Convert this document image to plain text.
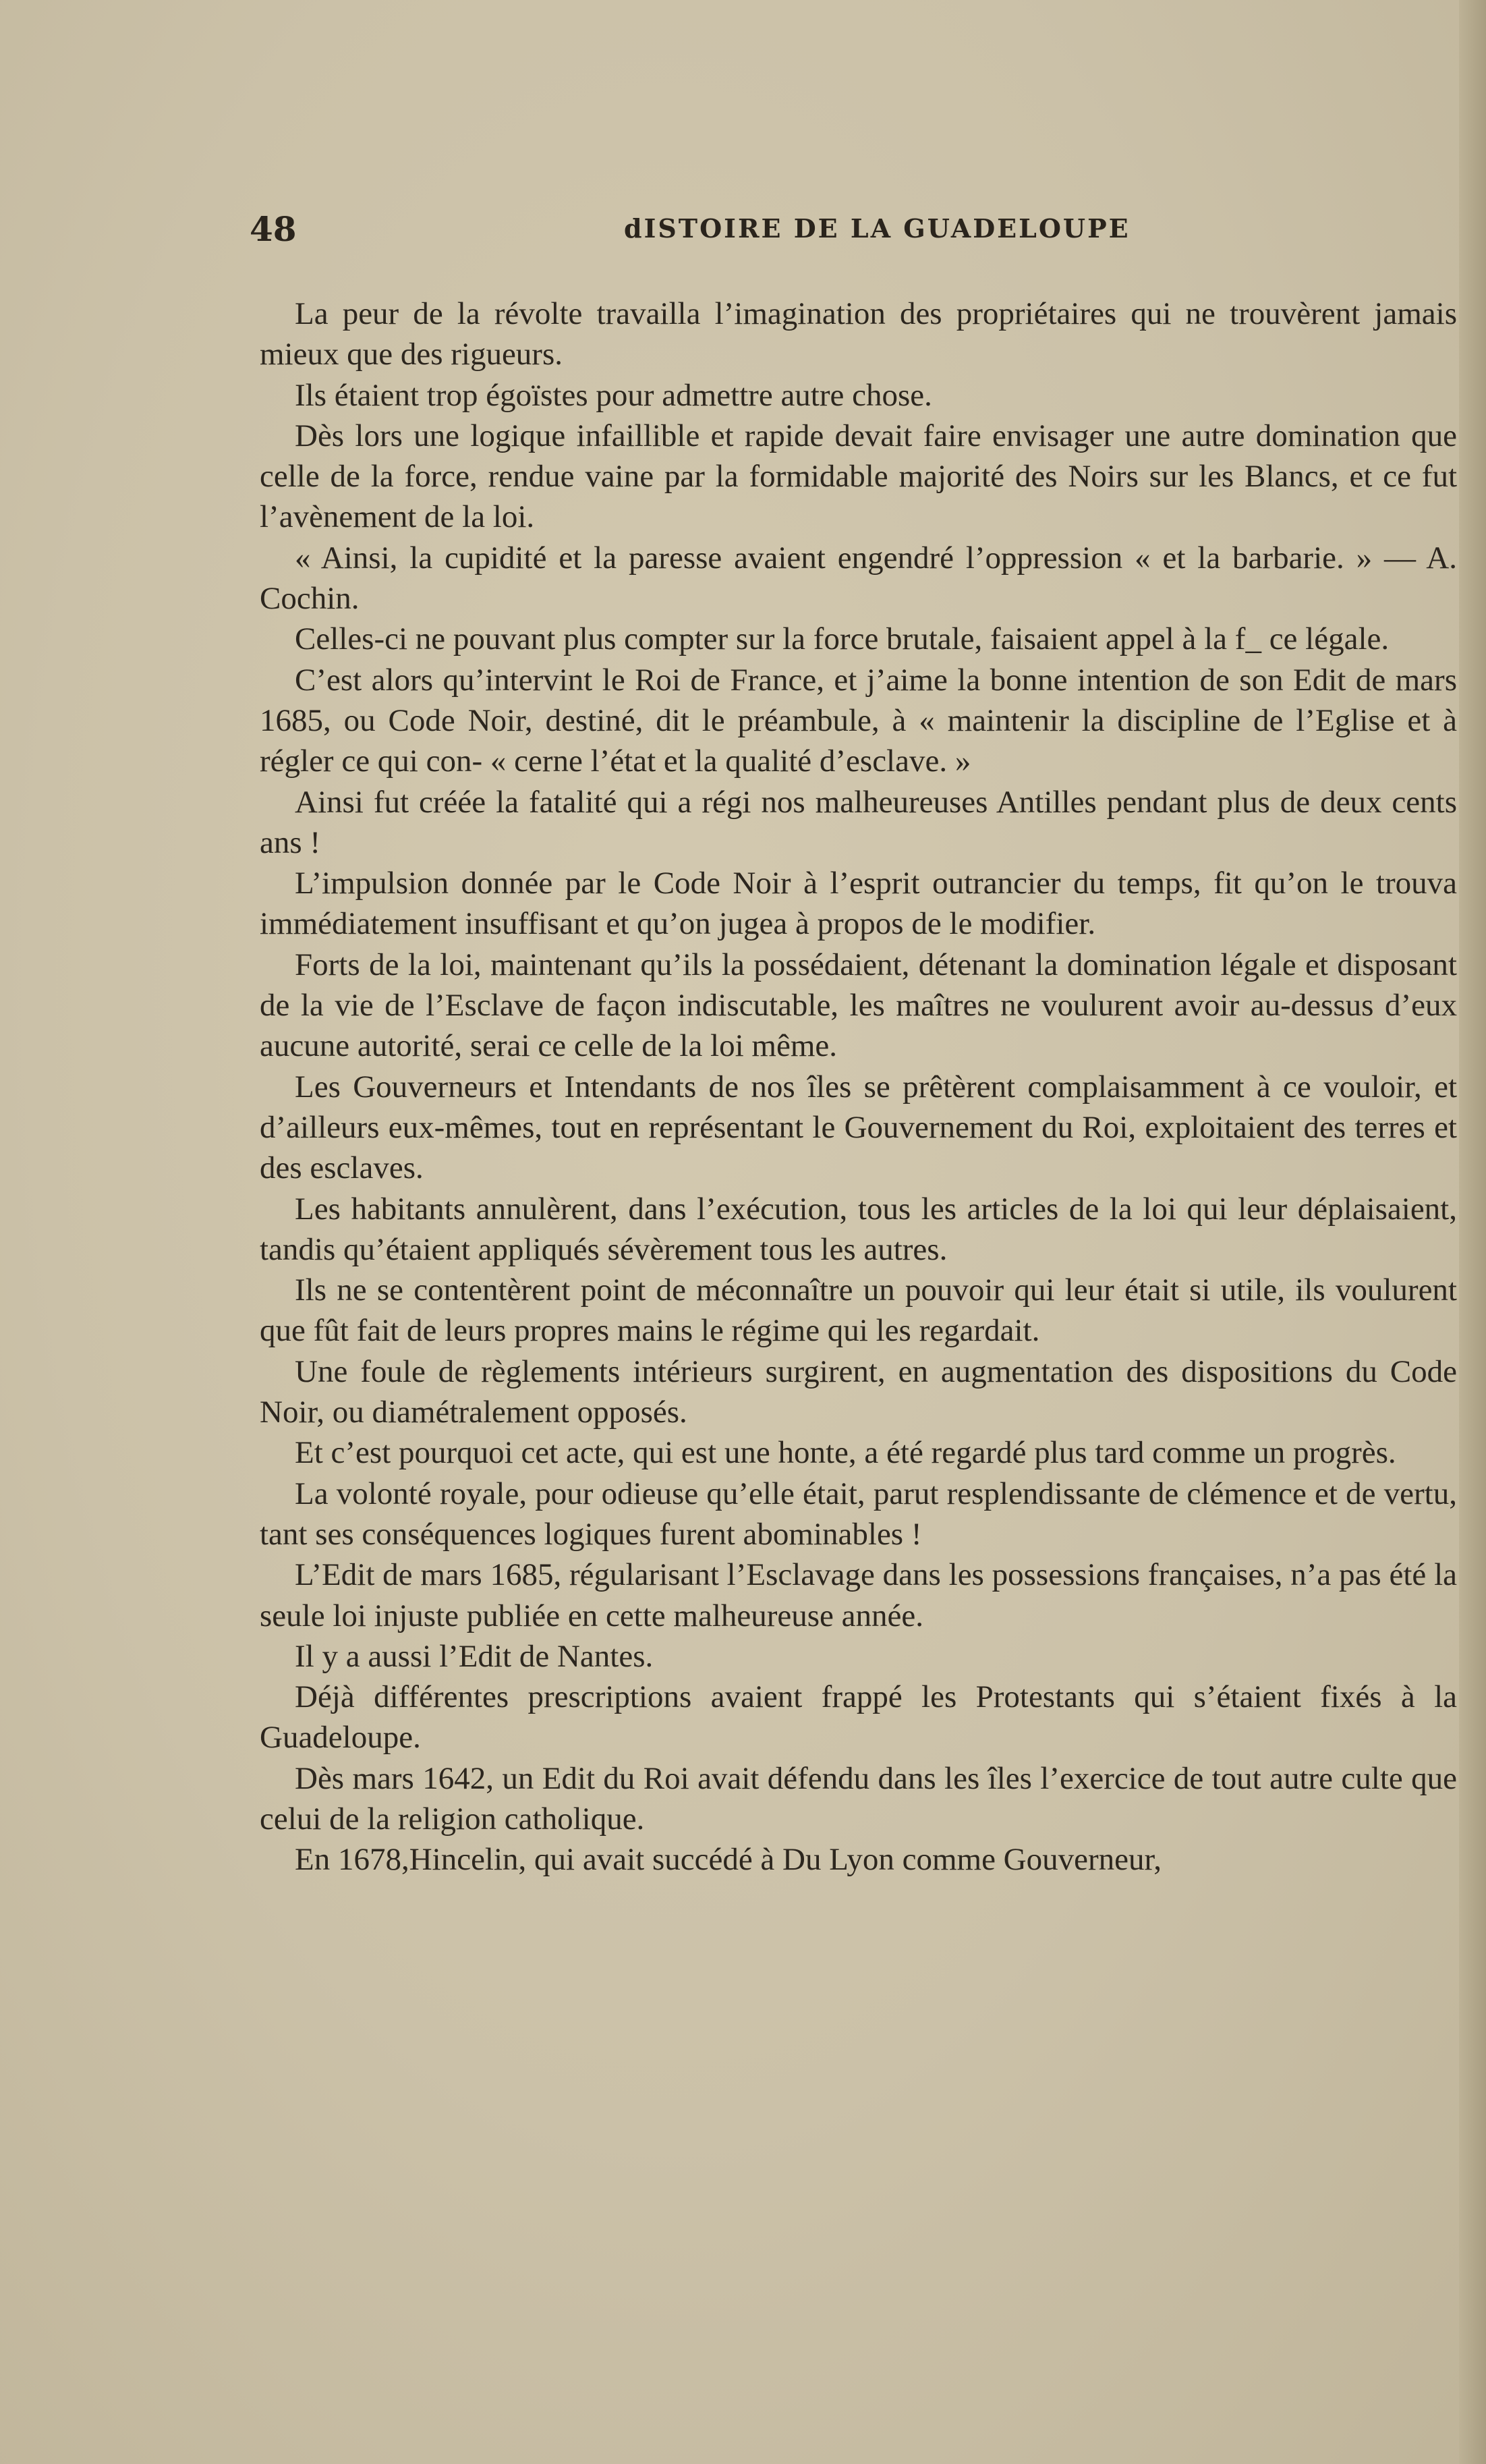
48	dISTOIRE DE LA GUADELOUPE

La peur de la révolte travailla l’imagination des propriétaires qui ne trouvèrent jamais mieux que des rigueurs.

Ils étaient trop égoïstes pour admettre autre chose.

Dès lors une logique infaillible et rapide devait faire envisager une autre domination que celle de la force, rendue vaine par la formidable majorité des Noirs sur les Blancs, et ce fut l’avènement de la loi.

« Ainsi, la cupidité et la paresse avaient engendré l’oppression « et la barbarie. » — A. Cochin.

Celles-ci ne pouvant plus compter sur la force brutale, faisaient appel à la f_ ce légale.

C’est alors qu’intervint le Roi de France, et j’aime la bonne intention de son Edit de mars 1685, ou Code Noir, destiné, dit le préambule, à « maintenir la discipline de l’Eglise et à régler ce qui con- « cerne l’état et la qualité d’esclave. »

Ainsi fut créée la fatalité qui a régi nos malheureuses Antilles pendant plus de deux cents ans !

L’impulsion donnée par le Code Noir à l’esprit outrancier du temps, fit qu’on le trouva immédiatement insuffisant et qu’on jugea à propos de le modifier.

Forts de la loi, maintenant qu’ils la possédaient, détenant la domination légale et disposant de la vie de l’Esclave de façon indiscutable, les maîtres ne voulurent avoir au-dessus d’eux aucune autorité, serai ce celle de la loi même.

Les Gouverneurs et Intendants de nos îles se prêtèrent complaisamment à ce vouloir, et d’ailleurs eux-mêmes, tout en représentant le Gouvernement du Roi, exploitaient des terres et des esclaves.

Les habitants annulèrent, dans l’exécution, tous les articles de la loi qui leur déplaisaient, tandis qu’étaient appliqués sévèrement tous les autres.

Ils ne se contentèrent point de méconnaître un pouvoir qui leur était si utile, ils voulurent que fût fait de leurs propres mains le régime qui les regardait.

Une foule de règlements intérieurs surgirent, en augmentation des dispositions du Code Noir, ou diamétralement opposés.

Et c’est pourquoi cet acte, qui est une honte, a été regardé plus tard comme un progrès.

La volonté royale, pour odieuse qu’elle était, parut resplendissante de clémence et de vertu, tant ses conséquences logiques furent abominables !

L’Edit de mars 1685, régularisant l’Esclavage dans les possessions françaises, n’a pas été la seule loi injuste publiée en cette malheureuse année.

Il y a aussi l’Edit de Nantes.

Déjà différentes prescriptions avaient frappé les Protestants qui s’étaient fixés à la Guadeloupe.

Dès mars 1642, un Edit du Roi avait défendu dans les îles l’exercice de tout autre culte que celui de la religion catholique.

En 1678,Hincelin, qui avait succédé à Du Lyon comme Gouverneur,
